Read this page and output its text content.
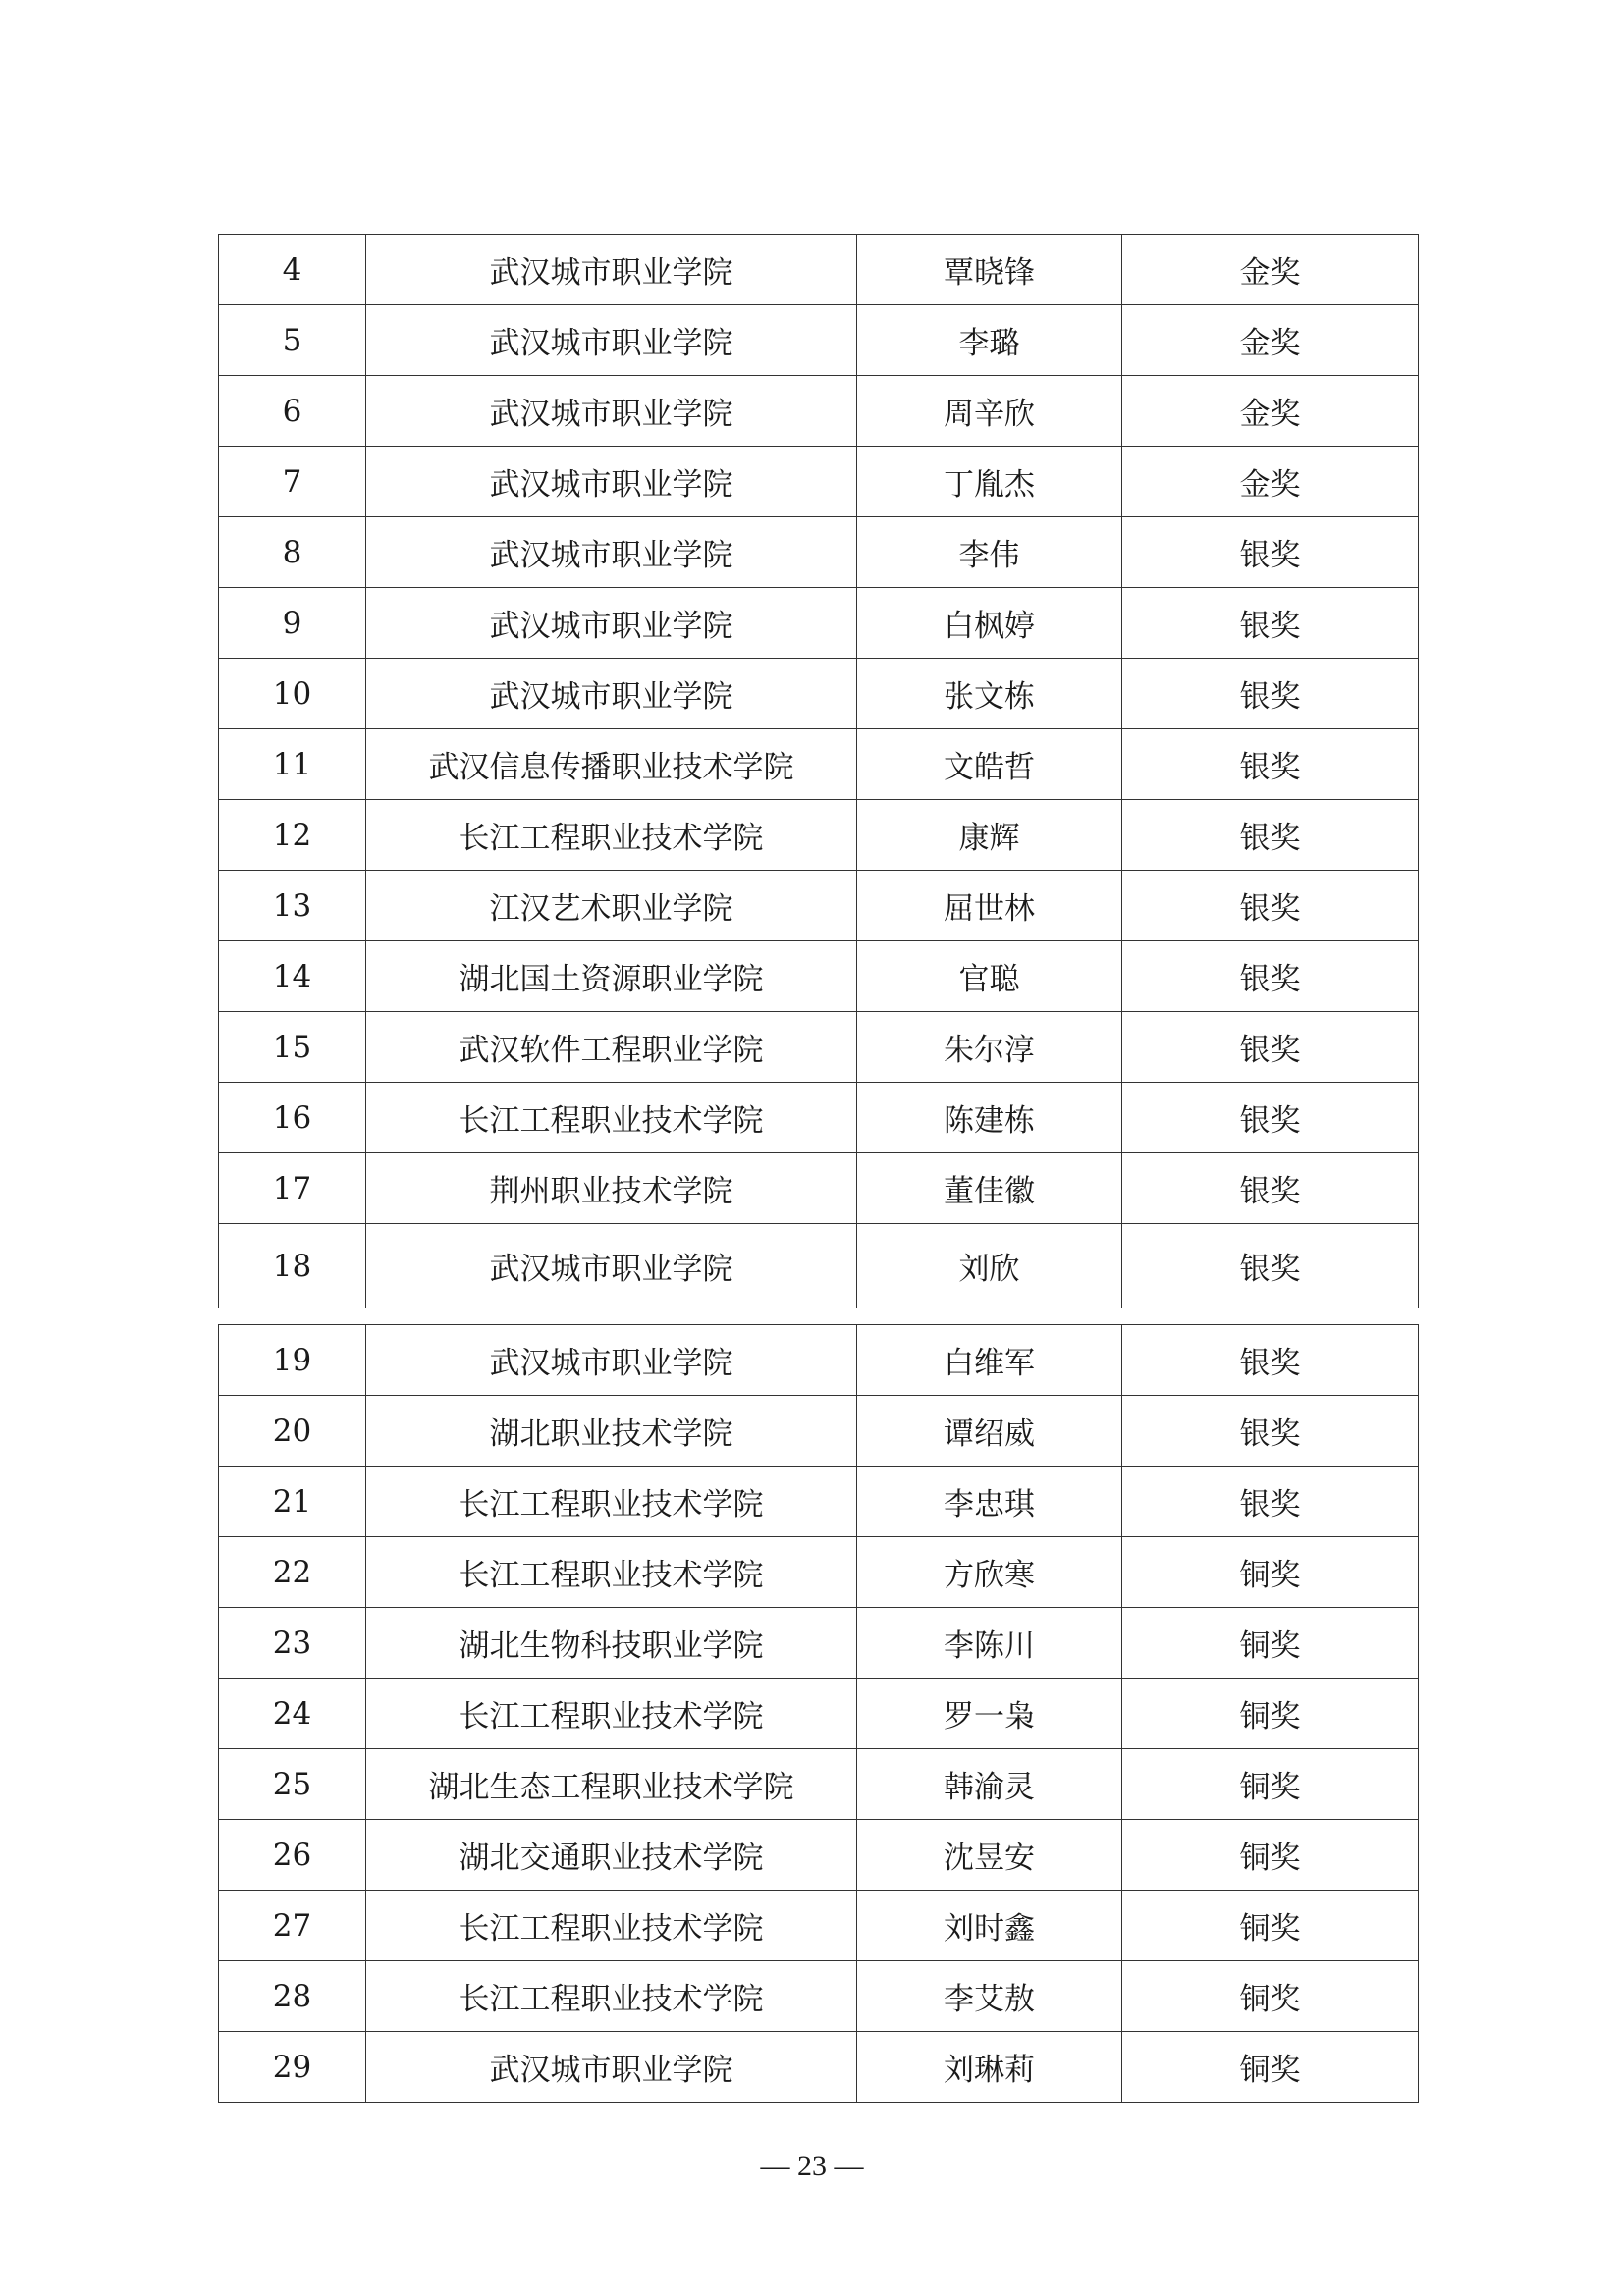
4	武汉城市职业学院	覃晓锋	金奖
5	武汉城市职业学院	李璐	金奖
6	武汉城市职业学院	周辛欣	金奖
7	武汉城市职业学院	丁胤杰	金奖
8	武汉城市职业学院	李伟	银奖
9	武汉城市职业学院	白枫婷	银奖
10	武汉城市职业学院	张文栋	银奖
11	武汉信息传播职业技术学院	文皓哲	银奖
12	长江工程职业技术学院	康辉	银奖
13	江汉艺术职业学院	屈世林	银奖
14	湖北国土资源职业学院	官聪	银奖
15	武汉软件工程职业学院	朱尔淳	银奖
16	长江工程职业技术学院	陈建栋	银奖
17	荆州职业技术学院	董佳徽	银奖
18	武汉城市职业学院	刘欣	银奖
19	武汉城市职业学院	白维军	银奖
20	湖北职业技术学院	谭绍威	银奖
21	长江工程职业技术学院	李忠琪	银奖
22	长江工程职业技术学院	方欣寒	铜奖
23	湖北生物科技职业学院	李陈川	铜奖
24	长江工程职业技术学院	罗一枭	铜奖
25	湖北生态工程职业技术学院	韩渝灵	铜奖
26	湖北交通职业技术学院	沈昱安	铜奖
27	长江工程职业技术学院	刘时鑫	铜奖
28	长江工程职业技术学院	李艾敖	铜奖
29	武汉城市职业学院	刘琳莉	铜奖
— 23 —
